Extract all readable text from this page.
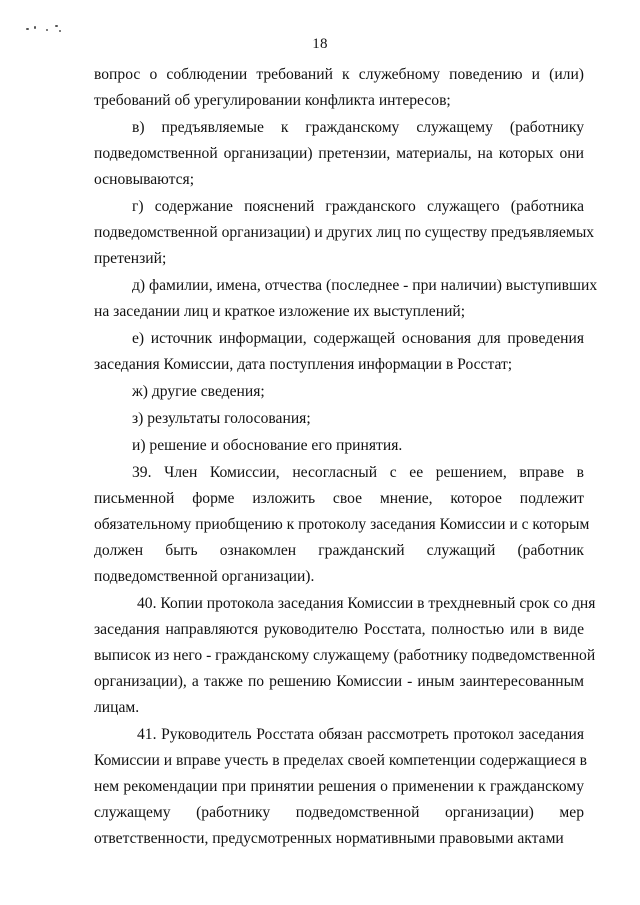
18
вопрос о соблюдении требований к служебному поведению и (или)
требований об урегулировании конфликта интересов;
в) предъявляемые к гражданскому служащему (работнику
подведомственной организации) претензии, материалы, на которых они
основываются;
г) содержание пояснений гражданского служащего (работника
подведомственной организации) и других лиц по существу предъявляемых
претензий;
д) фамилии, имена, отчества (последнее - при наличии) выступивших
на заседании лиц и краткое изложение их выступлений;
е) источник информации, содержащей основания для проведения
заседания Комиссии, дата поступления информации в Росстат;
ж) другие сведения;
з) результаты голосования;
и) решение и обоснование его принятия.
39. Член Комиссии, несогласный с ее решением, вправе в
письменной форме изложить свое мнение, которое подлежит
обязательному приобщению к протоколу заседания Комиссии и с которым
должен быть ознакомлен гражданский служащий (работник
подведомственной организации).
40. Копии протокола заседания Комиссии в трехдневный срок со дня
заседания направляются руководителю Росстата, полностью или в виде
выписок из него - гражданскому служащему (работнику подведомственной
организации), а также по решению Комиссии - иным заинтересованным
лицам.
41. Руководитель Росстата обязан рассмотреть протокол заседания
Комиссии и вправе учесть в пределах своей компетенции содержащиеся в
нем рекомендации при принятии решения о применении к гражданскому
служащему (работнику подведомственной организации) мер
ответственности, предусмотренных нормативными правовыми актами
